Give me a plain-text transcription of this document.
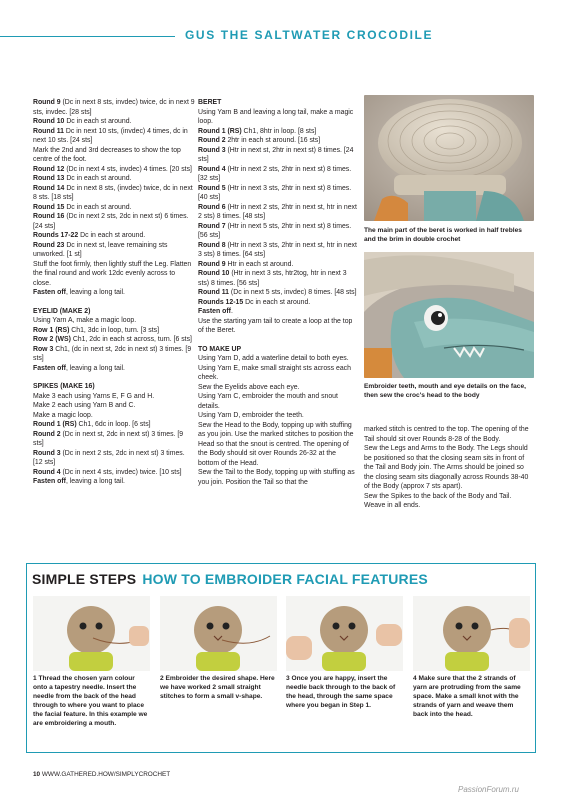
GUS THE SALTWATER CROCODILE

Round 9 (Dc in next 8 sts, invdec) twice, dc in next 9 sts, invdec. [28 sts]

Round 10 Dc in each st around.

Round 11 Dc in next 10 sts, (invdec) 4 times, dc in next 10 sts. [24 sts]

Mark the 2nd and 3rd decreases to show the top centre of the foot.

Round 12 (Dc in next 4 sts, invdec) 4 times. [20 sts]

Round 13 Dc in each st around.

Round 14 Dc in next 8 sts, (invdec) twice, dc in next 8 sts. [18 sts]

Round 15 Dc in each st around.

Round 16 (Dc in next 2 sts, 2dc in next st) 6 times. [24 sts]

Rounds 17-22 Dc in each st around.

Round 23 Dc in next st, leave remaining sts unworked. [1 st]

Stuff the foot firmly, then lightly stuff the Leg. Flatten the final round and work 12dc evenly across to close.

Fasten off, leaving a long tail.

EYELID (MAKE 2)

Using Yarn A, make a magic loop.

Row 1 (RS) Ch1, 3dc in loop, turn. [3 sts]

Row 2 (WS) Ch1, 2dc in each st across, turn. [6 sts]

Row 3 Ch1, (dc in next st, 2dc in next st) 3 times. [9 sts]

Fasten off, leaving a long tail.

SPIKES (MAKE 16)

Make 3 each using Yarns E, F G and H.

Make 2 each using Yarn B and C.

Make a magic loop.

Round 1 (RS) Ch1, 6dc in loop. [6 sts]

Round 2 (Dc in next st, 2dc in next st) 3 times. [9 sts]

Round 3 (Dc in next 2 sts, 2dc in next st) 3 times. [12 sts]

Round 4 (Dc in next 4 sts, invdec) twice. [10 sts]

Fasten off, leaving a long tail.

BERET

Using Yarn B and leaving a long tail, make a magic loop.

Round 1 (RS) Ch1, 8htr in loop. [8 sts]

Round 2 2htr in each st around. [16 sts]

Round 3 (Htr in next st, 2htr in next st) 8 times. [24 sts]

Round 4 (Htr in next 2 sts, 2htr in next st) 8 times. [32 sts]

Round 5 (Htr in next 3 sts, 2htr in next st) 8 times. [40 sts]

Round 6 (Htr in next 2 sts, 2htr in next st, htr in next 2 sts) 8 times. [48 sts]

Round 7 (Htr in next 5 sts, 2htr in next st) 8 times. [56 sts]

Round 8 (Htr in next 3 sts, 2htr in next st, htr in next 3 sts) 8 times. [64 sts]

Round 9 Htr in each st around.

Round 10 (Htr in next 3 sts, htr2tog, htr in next 3 sts) 8 times. [56 sts]

Round 11 (Dc in next 5 sts, invdec) 8 times. [48 sts]

Rounds 12-15 Dc in each st around.

Fasten off.

Use the starting yarn tail to create a loop at the top of the Beret.

TO MAKE UP

Using Yarn D, add a waterline detail to both eyes.

Using Yarn E, make small straight sts across each cheek.

Sew the Eyelids above each eye.

Using Yarn C, embroider the mouth and snout details.

Using Yarn D, embroider the teeth.

Sew the Head to the Body, topping up with stuffing as you join. Use the marked stitches to position the Head so that the snout is centred. The opening of the Body should sit over Rounds 26-32 at the bottom of the Head.

Sew the Tail to the Body, topping up with stuffing as you join. Position the Tail so that the

marked stitch is centred to the top. The opening of the Tail should sit over Rounds 8-28 of the Body.

Sew the Legs and Arms to the Body. The Legs should be positioned so that the closing seam sits in front of the Tail and Body join. The Arms should be joined so the closing seam sits diagonally across Rounds 38-40 of the Body (approx 7 sts apart).

Sew the Spikes to the back of the Body and Tail. Weave in all ends.

The main part of the beret is worked in half trebles and the brim in double crochet
Embroider teeth, mouth and eye details on the face, then sew the croc's head to the body
SIMPLE STEPS HOW TO EMBROIDER FACIAL FEATURES
1 Thread the chosen yarn colour onto a tapestry needle. Insert the needle from the back of the head through to where you want to place the facial feature. In this example we are embroidering a mouth.
2 Embroider the desired shape. Here we have worked 2 small straight stitches to form a small v-shape.
3 Once you are happy, insert the needle back through to the back of the head, through the same space where you began in Step 1.
4 Make sure that the 2 strands of yarn are protruding from the same space. Make a small knot with the strands of yarn and weave them back into the head.
10 WWW.GATHERED.HOW/SIMPLYCROCHET
PassionForum.ru
